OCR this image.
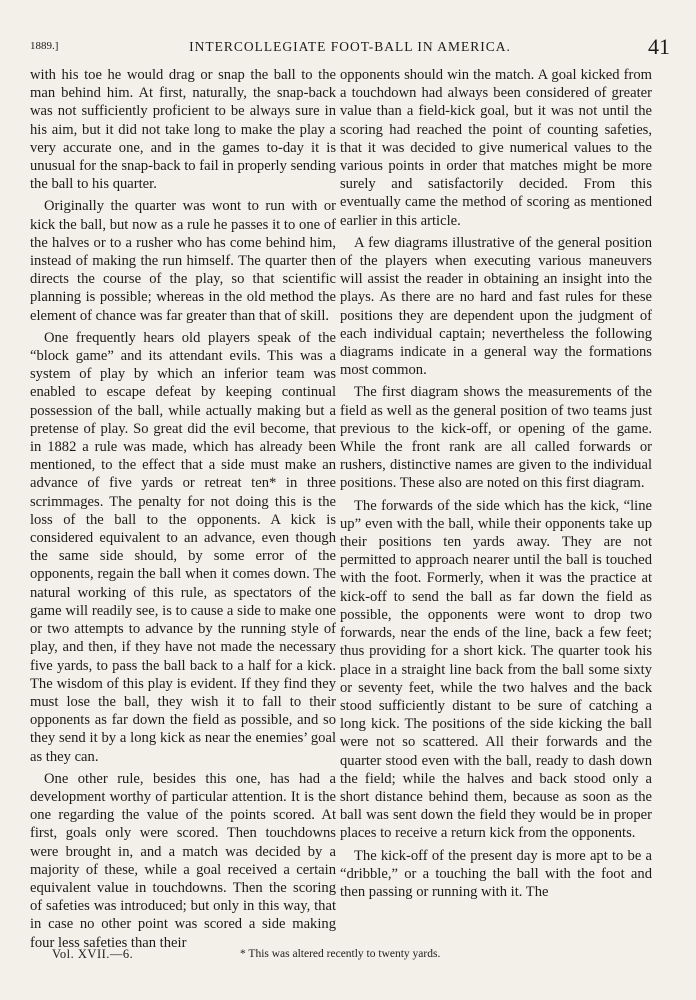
1889.]	INTERCOLLEGIATE FOOT-BALL IN AMERICA.	41

with his toe he would drag or snap the ball to the man behind him. At first, naturally, the snap-back was not sufficiently proficient to be always sure in his aim, but it did not take long to make the play a very accurate one, and in the games to-day it is unusual for the snap-back to fail in properly sending the ball to his quarter.

Originally the quarter was wont to run with or kick the ball, but now as a rule he passes it to one of the halves or to a rusher who has come behind him, instead of making the run himself. The quarter then directs the course of the play, so that scientific planning is possible; whereas in the old method the element of chance was far greater than that of skill.

One frequently hears old players speak of the “block game” and its attendant evils. This was a system of play by which an inferior team was enabled to escape defeat by keeping continual possession of the ball, while actually making but a pretense of play. So great did the evil become, that in 1882 a rule was made, which has already been mentioned, to the effect that a side must make an advance of five yards or retreat ten* in three scrimmages. The penalty for not doing this is the loss of the ball to the opponents. A kick is considered equivalent to an advance, even though the same side should, by some error of the opponents, regain the ball when it comes down. The natural working of this rule, as spectators of the game will readily see, is to cause a side to make one or two attempts to advance by the running style of play, and then, if they have not made the necessary five yards, to pass the ball back to a half for a kick. The wisdom of this play is evident. If they find they must lose the ball, they wish it to fall to their opponents as far down the field as possible, and so they send it by a long kick as near the enemies’ goal as they can.

One other rule, besides this one, has had a development worthy of particular attention. It is the one regarding the value of the points scored. At first, goals only were scored. Then touchdowns were brought in, and a match was decided by a majority of these, while a goal received a certain equivalent value in touchdowns. Then the scoring of safeties was introduced; but only in this way, that in case no other point was scored a side making four less safeties than their

opponents should win the match. A goal kicked from a touchdown had always been considered of greater value than a field-kick goal, but it was not until the scoring had reached the point of counting safeties, that it was decided to give numerical values to the various points in order that matches might be more surely and satisfactorily decided. From this eventually came the method of scoring as mentioned earlier in this article.

A few diagrams illustrative of the general position of the players when executing various maneuvers will assist the reader in obtaining an insight into the plays. As there are no hard and fast rules for these positions they are dependent upon the judgment of each individual captain; nevertheless the following diagrams indicate in a general way the formations most common.

The first diagram shows the measurements of the field as well as the general position of two teams just previous to the kick-off, or opening of the game. While the front rank are all called forwards or rushers, distinctive names are given to the individual positions. These also are noted on this first diagram.

The forwards of the side which has the kick, “line up” even with the ball, while their opponents take up their positions ten yards away. They are not permitted to approach nearer until the ball is touched with the foot. Formerly, when it was the practice at kick-off to send the ball as far down the field as possible, the opponents were wont to drop two forwards, near the ends of the line, back a few feet; thus providing for a short kick. The quarter took his place in a straight line back from the ball some sixty or seventy feet, while the two halves and the back stood sufficiently distant to be sure of catching a long kick. The positions of the side kicking the ball were not so scattered. All their forwards and the quarter stood even with the ball, ready to dash down the field; while the halves and back stood only a short distance behind them, because as soon as the ball was sent down the field they would be in proper places to receive a return kick from the opponents.

The kick-off of the present day is more apt to be a “dribble,” or a touching the ball with the foot and then passing or running with it. The

Vol. XVII.—6.	* This was altered recently to twenty yards.
